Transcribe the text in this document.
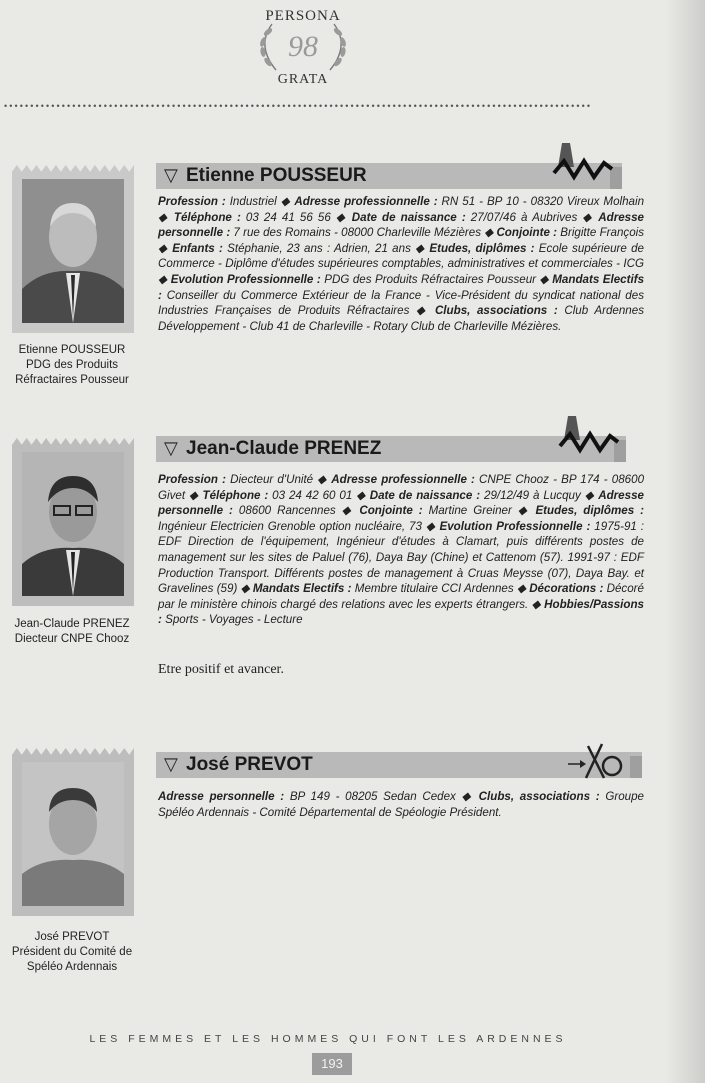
PERSONA
98
GRATA
••••••••••••••••••••••••••••••••••••••••••••••••••••••••••••••••••••••••••••••••••••••••••••••••••••••••••••••••
Etienne POUSSEUR
PDG des Produits
Réfractaires Pousseur
▽ Etienne POUSSEUR
Profession : Industriel ◆ Adresse professionnelle : RN 51 - BP 10 - 08320 Vireux Molhain ◆ Téléphone : 03 24 41 56 56 ◆ Date de naissance : 27/07/46 à Aubrives ◆ Adresse personnelle : 7 rue des Romains - 08000 Charleville Mézières ◆ Conjointe : Brigitte François ◆ Enfants : Stéphanie, 23 ans : Adrien, 21 ans ◆ Etudes, diplômes : Ecole supérieure de Commerce - Diplôme d'études supérieures comptables, administratives et commerciales - ICG ◆ Evolution Professionnelle : PDG des Produits Réfractaires Pousseur ◆ Mandats Electifs : Conseiller du Commerce Extérieur de la France - Vice-Président du syndicat national des Industries Françaises de Produits Réfractaires ◆ Clubs, associations : Club Ardennes Développement - Club 41 de Charleville - Rotary Club de Charleville Mézières.
Jean-Claude PRENEZ
Diecteur CNPE Chooz
▽ Jean-Claude PRENEZ
Profession : Diecteur d'Unité ◆ Adresse professionnelle : CNPE Chooz - BP 174 - 08600 Givet ◆ Téléphone : 03 24 42 60 01 ◆ Date de naissance : 29/12/49 à Lucquy ◆ Adresse personnelle : 08600 Rancennes ◆ Conjointe : Martine Greiner ◆ Etudes, diplômes : Ingénieur Electricien Grenoble option nucléaire, 73 ◆ Evolution Professionnelle : 1975-91 : EDF Direction de l'équipement, Ingénieur d'études à Clamart, puis différents postes de management sur les sites de Paluel (76), Daya Bay (Chine) et Cattenom (57). 1991-97 : EDF Production Transport. Différents postes de management à Cruas Meysse (07), Daya Bay. et Gravelines (59) ◆ Mandats Electifs : Membre titulaire CCI Ardennes ◆ Décorations : Décoré par le ministère chinois chargé des relations avec les experts étrangers. ◆ Hobbies/Passions : Sports - Voyages - Lecture
Etre positif et avancer.
José PREVOT
Président du Comité de
Spéléo Ardennais
▽ José PREVOT
Adresse personnelle : BP 149 - 08205 Sedan Cedex ◆ Clubs, associations : Groupe Spéléo Ardennais - Comité Départemental de Spéologie Président.
LES FEMMES ET LES HOMMES QUI FONT LES ARDENNES
193
